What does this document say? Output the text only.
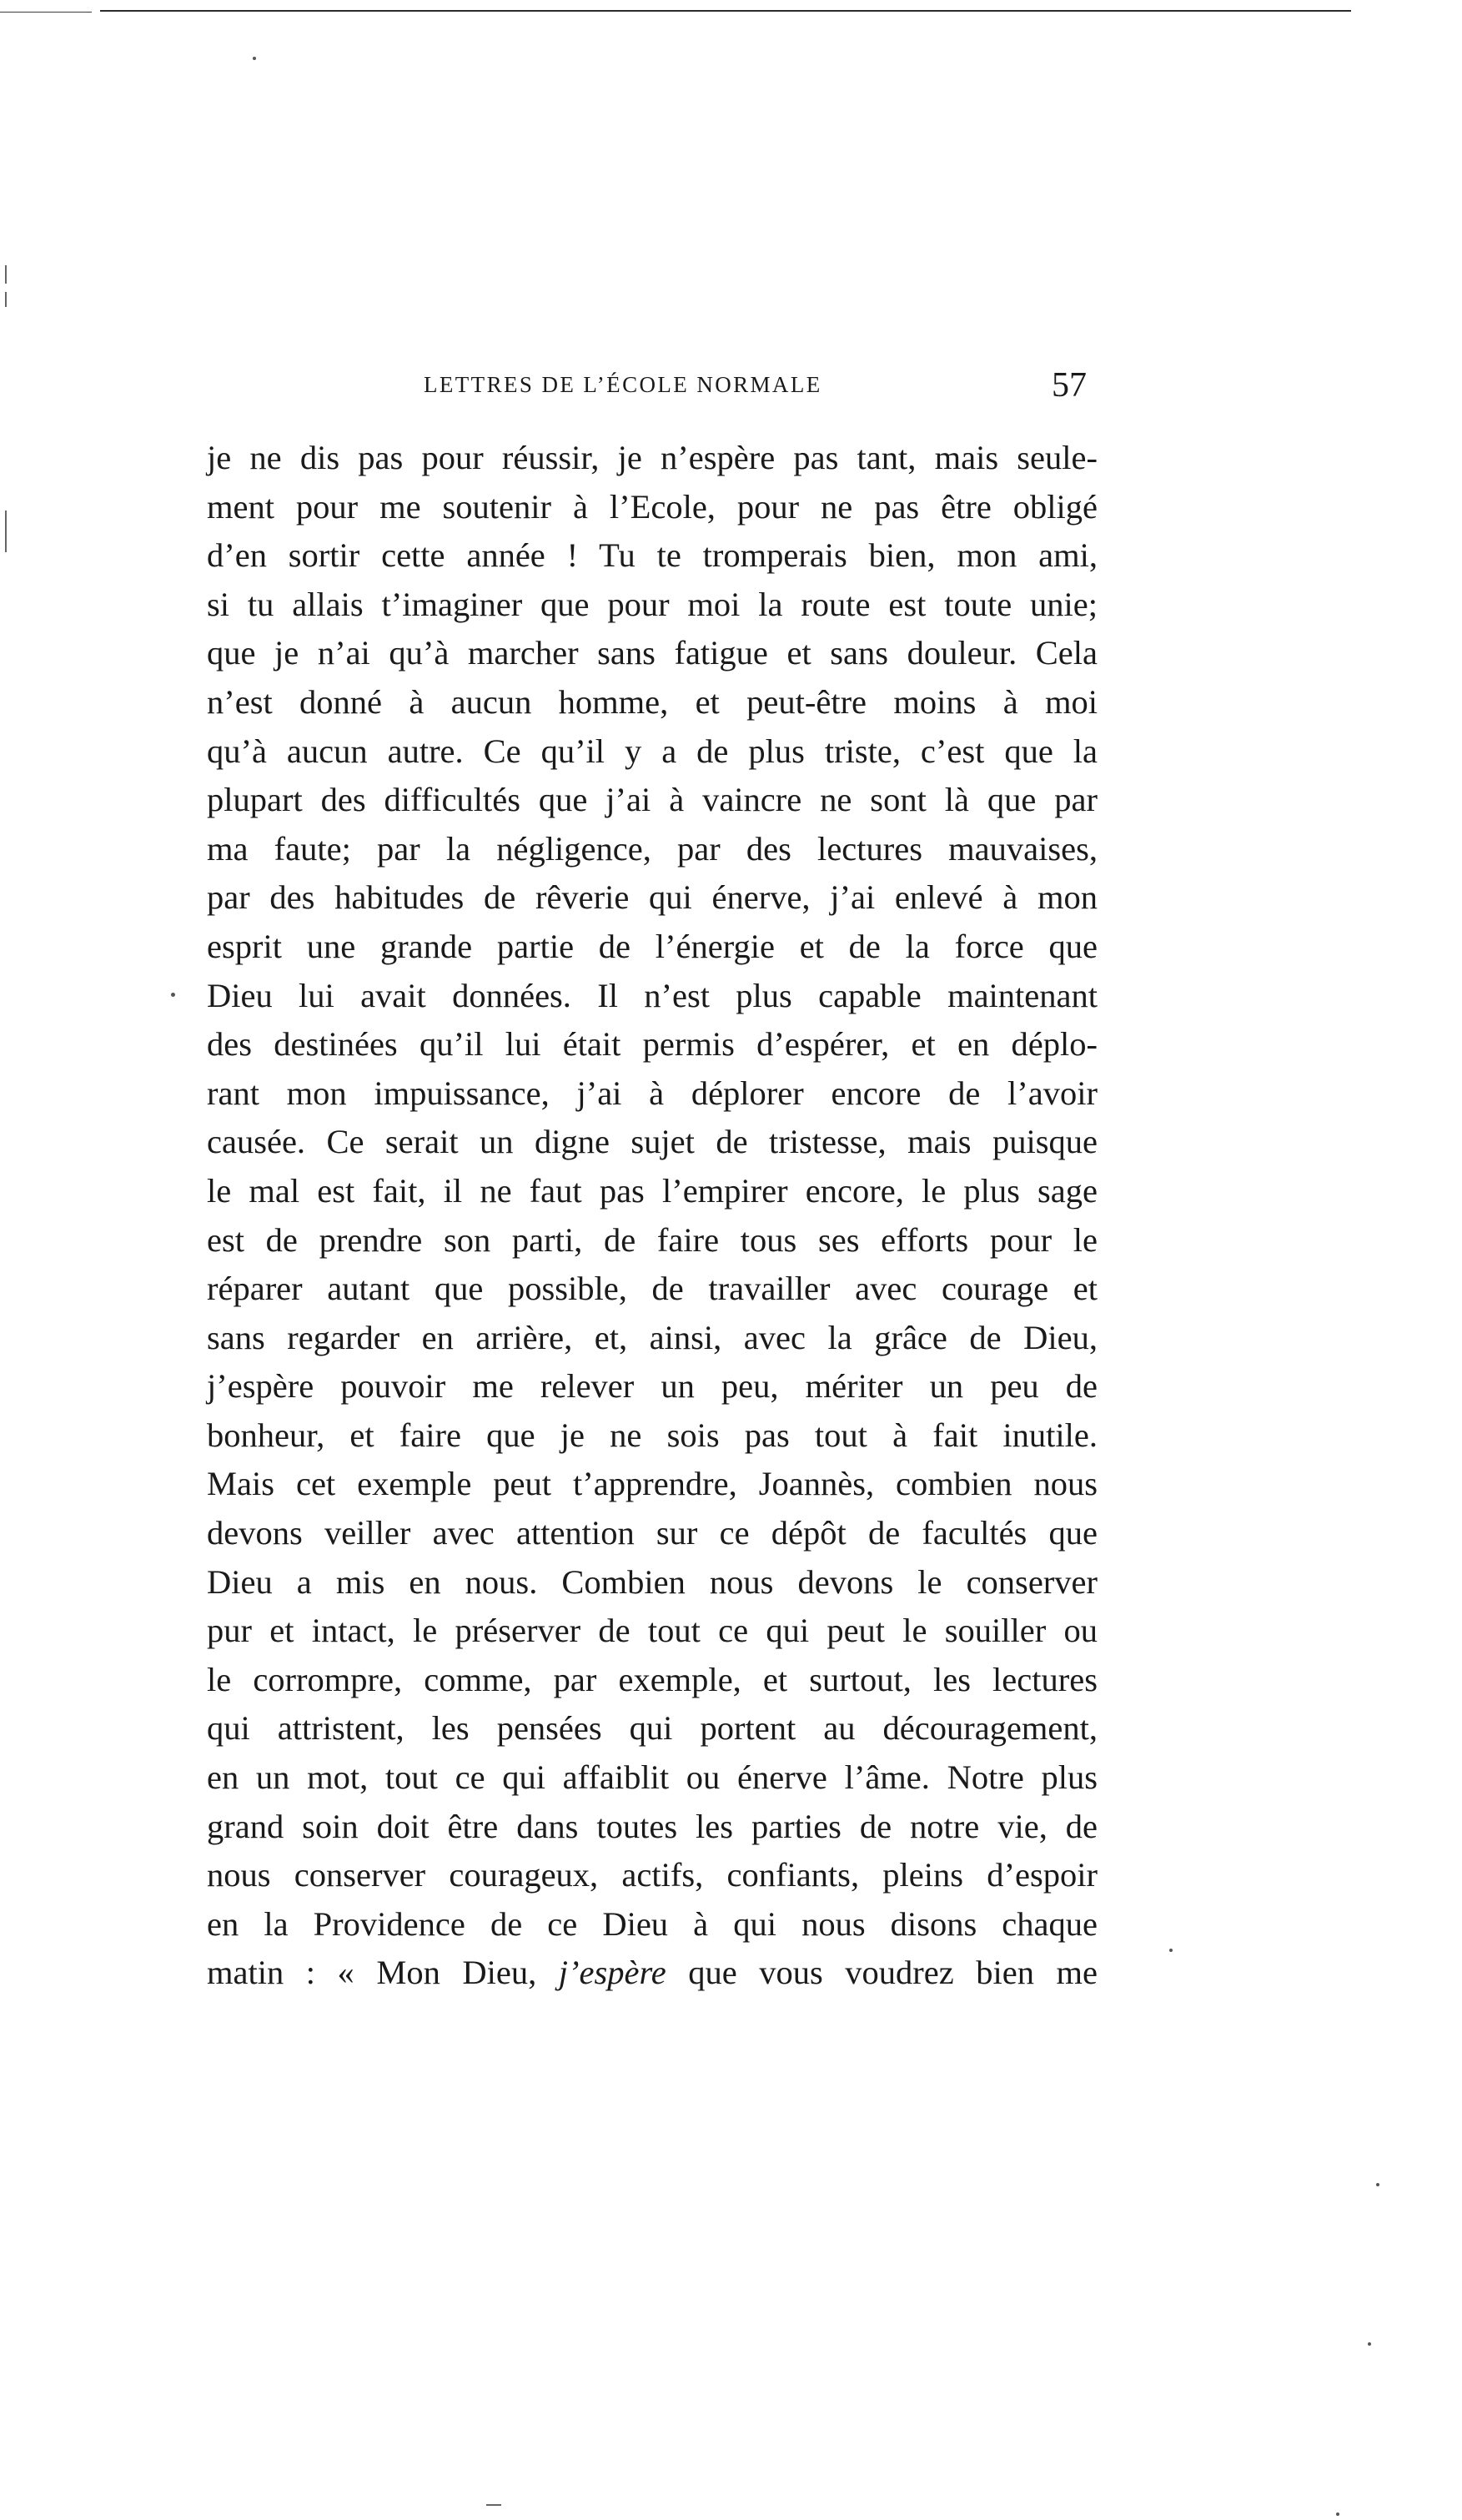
LETTRES DE L’ÉCOLE NORMALE	57
je ne dis pas pour réussir, je n’espère pas tant, mais seule-
ment pour me soutenir à l’Ecole, pour ne pas être obligé
d’en sortir cette année ! Tu te tromperais bien, mon ami,
si tu allais t’imaginer que pour moi la route est toute unie;
que je n’ai qu’à marcher sans fatigue et sans douleur. Cela
n’est donné à aucun homme, et peut-être moins à moi
qu’à aucun autre. Ce qu’il y a de plus triste, c’est que la
plupart des difficultés que j’ai à vaincre ne sont là que par
ma faute; par la négligence, par des lectures mauvaises,
par des habitudes de rêverie qui énerve, j’ai enlevé à mon
esprit une grande partie de l’énergie et de la force que
Dieu lui avait données. Il n’est plus capable maintenant
des destinées qu’il lui était permis d’espérer, et en déplo-
rant mon impuissance, j’ai à déplorer encore de l’avoir
causée. Ce serait un digne sujet de tristesse, mais puisque
le mal est fait, il ne faut pas l’empirer encore, le plus sage
est de prendre son parti, de faire tous ses efforts pour le
réparer autant que possible, de travailler avec courage et
sans regarder en arrière, et, ainsi, avec la grâce de Dieu,
j’espère pouvoir me relever un peu, mériter un peu de
bonheur, et faire que je ne sois pas tout à fait inutile.
Mais cet exemple peut t’apprendre, Joannès, combien nous
devons veiller avec attention sur ce dépôt de facultés que
Dieu a mis en nous. Combien nous devons le conserver
pur et intact, le préserver de tout ce qui peut le souiller ou
le corrompre, comme, par exemple, et surtout, les lectures
qui attristent, les pensées qui portent au découragement,
en un mot, tout ce qui affaiblit ou énerve l’âme. Notre plus
grand soin doit être dans toutes les parties de notre vie, de
nous conserver courageux, actifs, confiants, pleins d’espoir
en la Providence de ce Dieu à qui nous disons chaque
matin : « Mon Dieu, j’espère que vous voudrez bien me
